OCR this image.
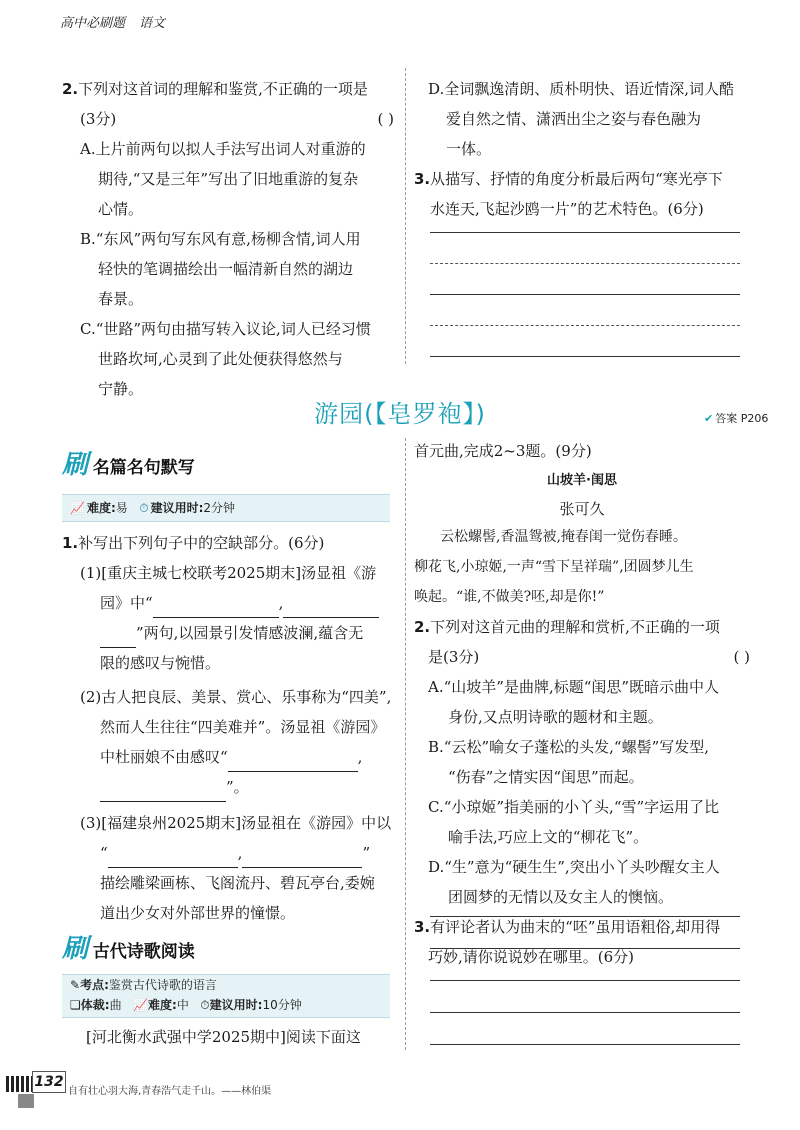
高中必刷题 语文
2.下列对这首词的理解和鉴赏,不正确的一项是
(3分)	( )
A.上片前两句以拟人手法写出词人对重游的
期待,“又是三年”写出了旧地重游的复杂
心情。
B.“东风”两句写东风有意,杨柳含情,词人用
轻快的笔调描绘出一幅清新自然的湖边
春景。
C.“世路”两句由描写转入议论,词人已经习惯
世路坎坷,心灵到了此处便获得悠然与
宁静。
D.全词飘逸清朗、质朴明快、语近情深,词人酷
爱自然之情、潇洒出尘之姿与春色融为
一体。
3.从描写、抒情的角度分析最后两句“寒光亭下
水连天,飞起沙鸥一片”的艺术特色。(6分)
游园(【皂罗袍】)	✔ 答案 P206
刷 名篇名句默写
📈 难度:易 ⏱ 建议用时:2分钟
1.补写出下列句子中的空缺部分。(6分)
(1)[重庆主城七校联考2025期末]汤显祖《游
园》中“	,
”两句,以园景引发情感波澜,蕴含无
限的感叹与惋惜。
(2)古人把良辰、美景、赏心、乐事称为“四美”,
然而人生往往“四美难并”。汤显祖《游园》
中杜丽娘不由感叹“	,
”。
(3)[福建泉州2025期末]汤显祖在《游园》中以
“	,	”
描绘雕梁画栋、飞阁流丹、碧瓦亭台,委婉
道出少女对外部世界的憧憬。
刷 古代诗歌阅读
✎考点:鉴赏古代诗歌的语言
❏体裁:曲 📈难度:中 ⏱建议用时:10分钟
[河北衡水武强中学2025期中]阅读下面这
首元曲,完成2~3题。(9分)
山坡羊·闺思
张可久
云松螺髻,香温鸳被,掩春闺一觉伤春睡。
柳花飞,小琼姬,一声“雪下呈祥瑞”,团圆梦儿生
唤起。“谁,不做美?呸,却是你!”
2.下列对这首元曲的理解和赏析,不正确的一项
是(3分)	( )
A.“山坡羊”是曲牌,标题“闺思”既暗示曲中人
身份,又点明诗歌的题材和主题。
B.“云松”喻女子蓬松的头发,“螺髻”写发型,
“伤春”之情实因“闺思”而起。
C.“小琼姬”指美丽的小丫头,“雪”字运用了比
喻手法,巧应上文的“柳花飞”。
D.“生”意为“硬生生”,突出小丫头吵醒女主人
团圆梦的无情以及女主人的懊恼。
3.有评论者认为曲末的“呸”虽用语粗俗,却用得
巧妙,请你说说妙在哪里。(6分)
132
自有壮心羽大海,青春浩气走千山。——林伯渠
